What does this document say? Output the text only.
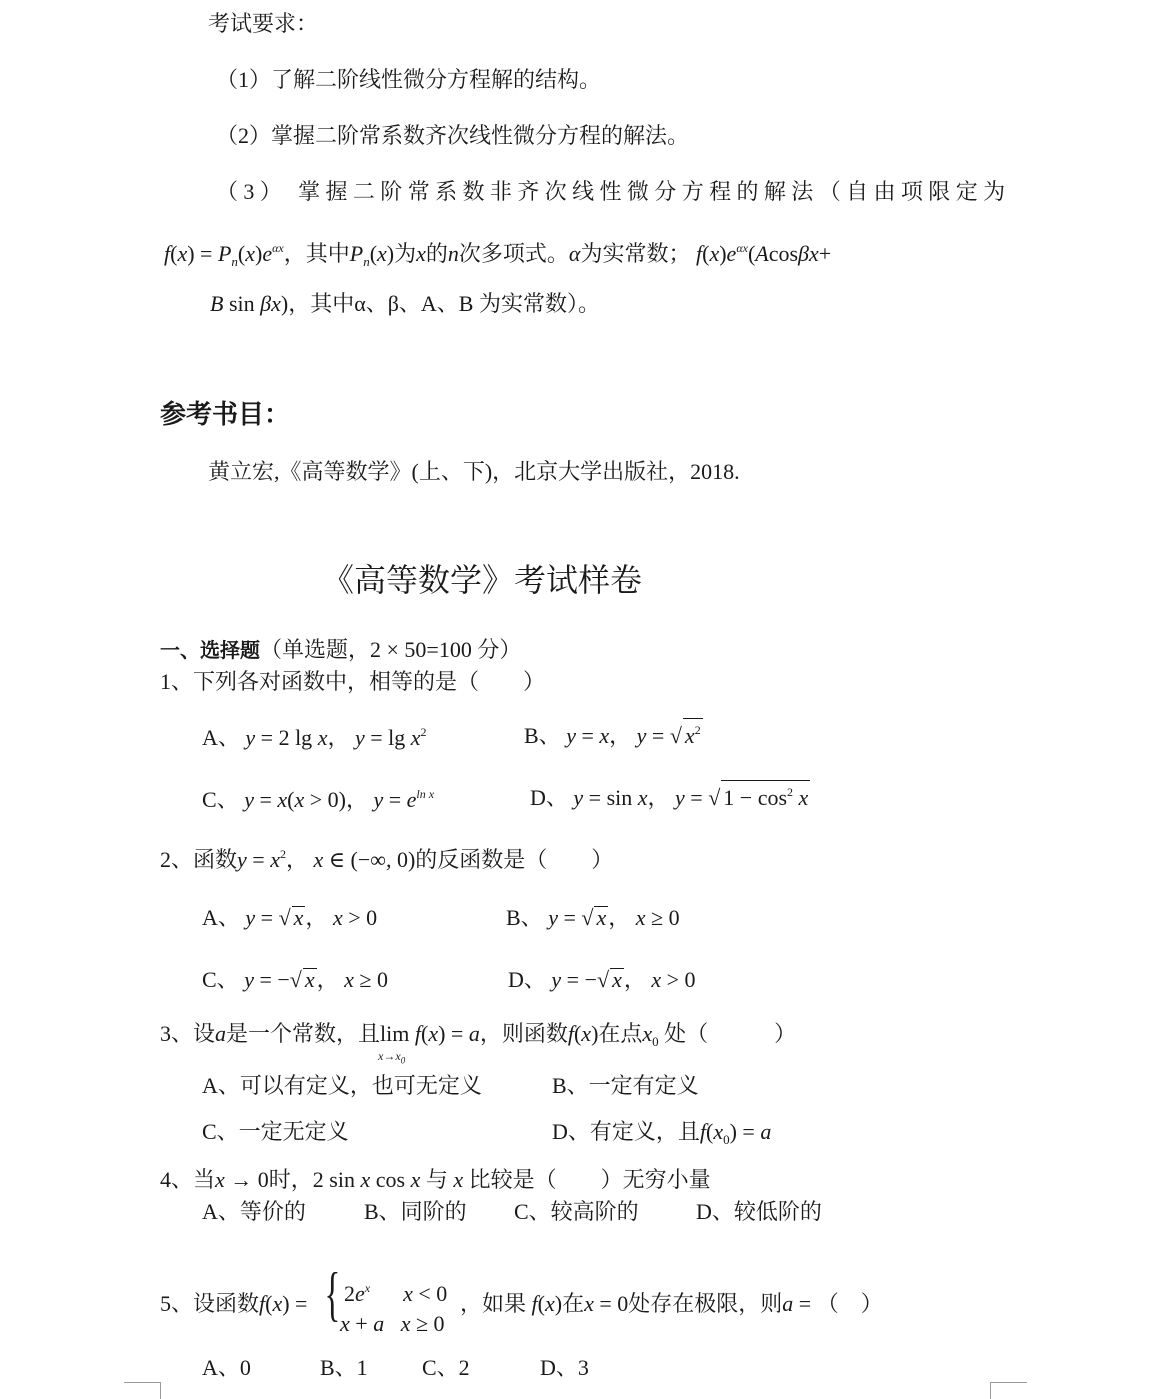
考试要求：
（1）了解二阶线性微分方程解的结构。
（2）掌握二阶常系数齐次线性微分方程的解法。
（3） 掌握二阶常系数非齐次线性微分方程的解法（自由项限定为
$f(x) = P_n(x)e^{\alpha x}$，其中$P_n(x)$为x的n次多项式。α为实常数； $f(x)e^{\alpha x}(Acos\beta x+$
B sin βx)，其中α、β、A、B 为实常数）。
参考书目：
黄立宏,《高等数学》(上、下)，北京大学出版社，2018.
《高等数学》考试样卷
一、选择题（单选题，2 × 50=100 分）
1、下列各对函数中，相等的是（　　）
A、 y = 2 lg x， $y = \lg x^2$	B、 y = x， y = √ $x^2$
C、 y = x(x > 0)， $y = e^{ln x}$	D、 y = sin x， y = √ $1 - \cos^2 x$
2、函数$y = x^2$， x ∈ (−∞, 0)的反函数是（　　）
A、 y = √ x， x > 0	B、 y = √ x， x ≥ 0
C、 y = −√ x， x ≥ 0	D、 y = −√ x， x > 0
3、设a是一个常数，且lim
$x\to x_0$
f(x) = a，则函数f(x)在点$x_0$ 处（　　　）
A、可以有定义，也可无定义	B、一定有定义
C、一定无定义	D、有定义，且$f(x_0) = a$
4、当x → 0时，2 sin x cos x 与 x 比较是（　　）无穷小量
A、等价的	B、同阶的 C、较高阶的	D、较低阶的
5、设函数f(x) = { $2e^x$ x < 0
x + a x ≥ 0
，如果 f(x)在x = 0处存在极限，则a = （　）
A、0	B、1 C、2	D、3
